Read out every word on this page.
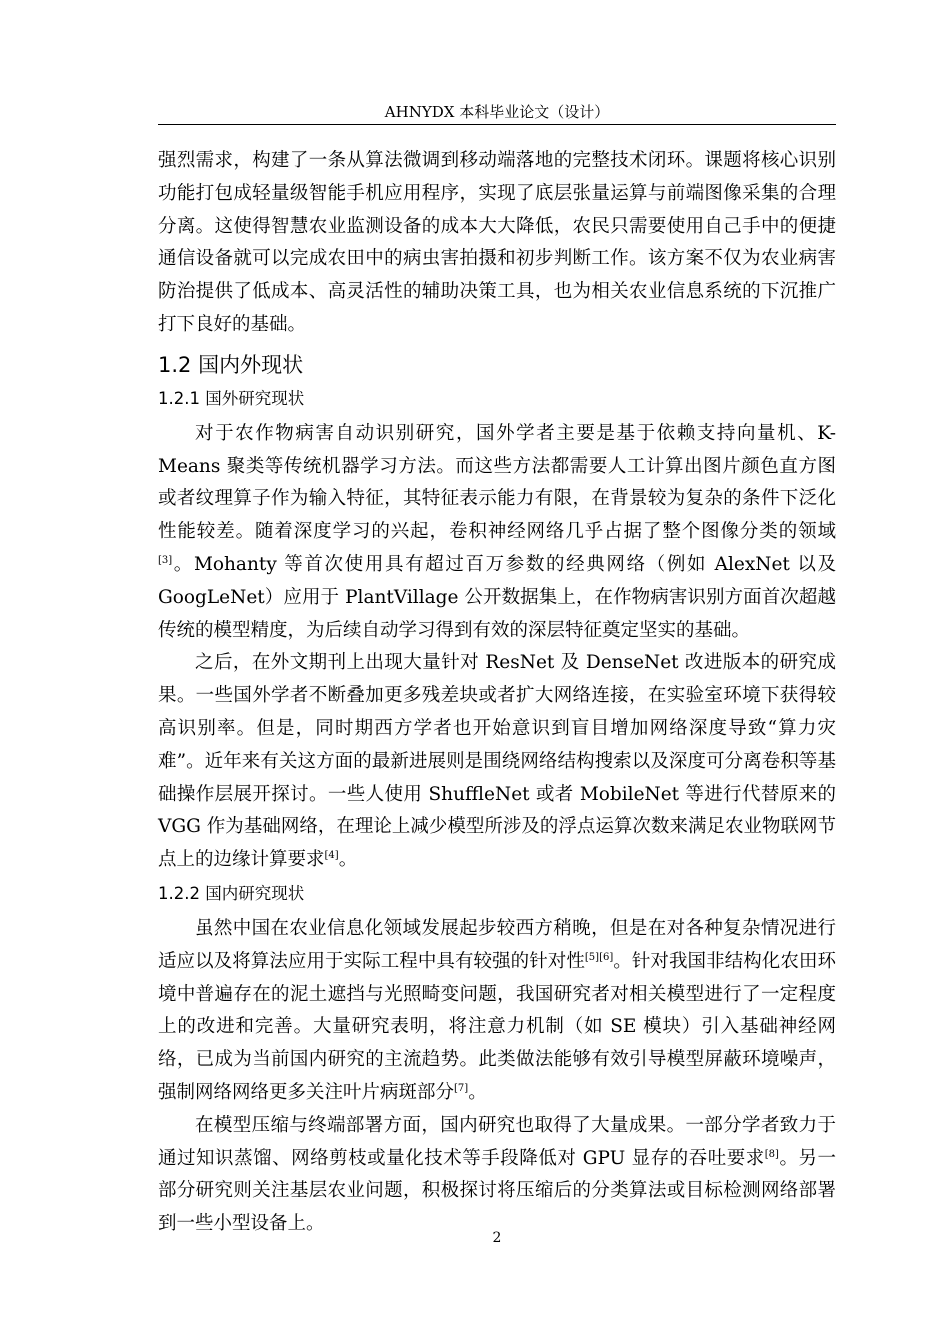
AHNYDX 本科毕业论文（设计）

强烈需求，构建了一条从算法微调到移动端落地的完整技术闭环。课题将核心识别功能打包成轻量级智能手机应用程序，实现了底层张量运算与前端图像采集的合理分离。这使得智慧农业监测设备的成本大大降低，农民只需要使用自己手中的便捷通信设备就可以完成农田中的病虫害拍摄和初步判断工作。该方案不仅为农业病害防治提供了低成本、高灵活性的辅助决策工具，也为相关农业信息系统的下沉推广打下良好的基础。

1.2 国内外现状
1.2.1 国外研究现状

对于农作物病害自动识别研究，国外学者主要是基于依赖支持向量机、K-Means 聚类等传统机器学习方法。而这些方法都需要人工计算出图片颜色直方图或者纹理算子作为输入特征，其特征表示能力有限，在背景较为复杂的条件下泛化性能较差。随着深度学习的兴起，卷积神经网络几乎占据了整个图像分类的领域[3]。Mohanty 等首次使用具有超过百万参数的经典网络（例如 AlexNet 以及 GoogLeNet）应用于 PlantVillage 公开数据集上，在作物病害识别方面首次超越传统的模型精度，为后续自动学习得到有效的深层特征奠定坚实的基础。

之后，在外文期刊上出现大量针对 ResNet 及 DenseNet 改进版本的研究成果。一些国外学者不断叠加更多残差块或者扩大网络连接，在实验室环境下获得较高识别率。但是，同时期西方学者也开始意识到盲目增加网络深度导致“算力灾难”。近年来有关这方面的最新进展则是围绕网络结构搜索以及深度可分离卷积等基础操作层展开探讨。一些人使用 ShuffleNet 或者 MobileNet 等进行代替原来的 VGG 作为基础网络，在理论上减少模型所涉及的浮点运算次数来满足农业物联网节点上的边缘计算要求[4]。

1.2.2 国内研究现状

虽然中国在农业信息化领域发展起步较西方稍晚，但是在对各种复杂情况进行适应以及将算法应用于实际工程中具有较强的针对性[5][6]。针对我国非结构化农田环境中普遍存在的泥土遮挡与光照畸变问题，我国研究者对相关模型进行了一定程度上的改进和完善。大量研究表明，将注意力机制（如 SE 模块）引入基础神经网络，已成为当前国内研究的主流趋势。此类做法能够有效引导模型屏蔽环境噪声，强制网络网络更多关注叶片病斑部分[7]。

在模型压缩与终端部署方面，国内研究也取得了大量成果。一部分学者致力于通过知识蒸馏、网络剪枝或量化技术等手段降低对 GPU 显存的吞吐要求[8]。另一部分研究则关注基层农业问题，积极探讨将压缩后的分类算法或目标检测网络部署到一些小型设备上。

2
